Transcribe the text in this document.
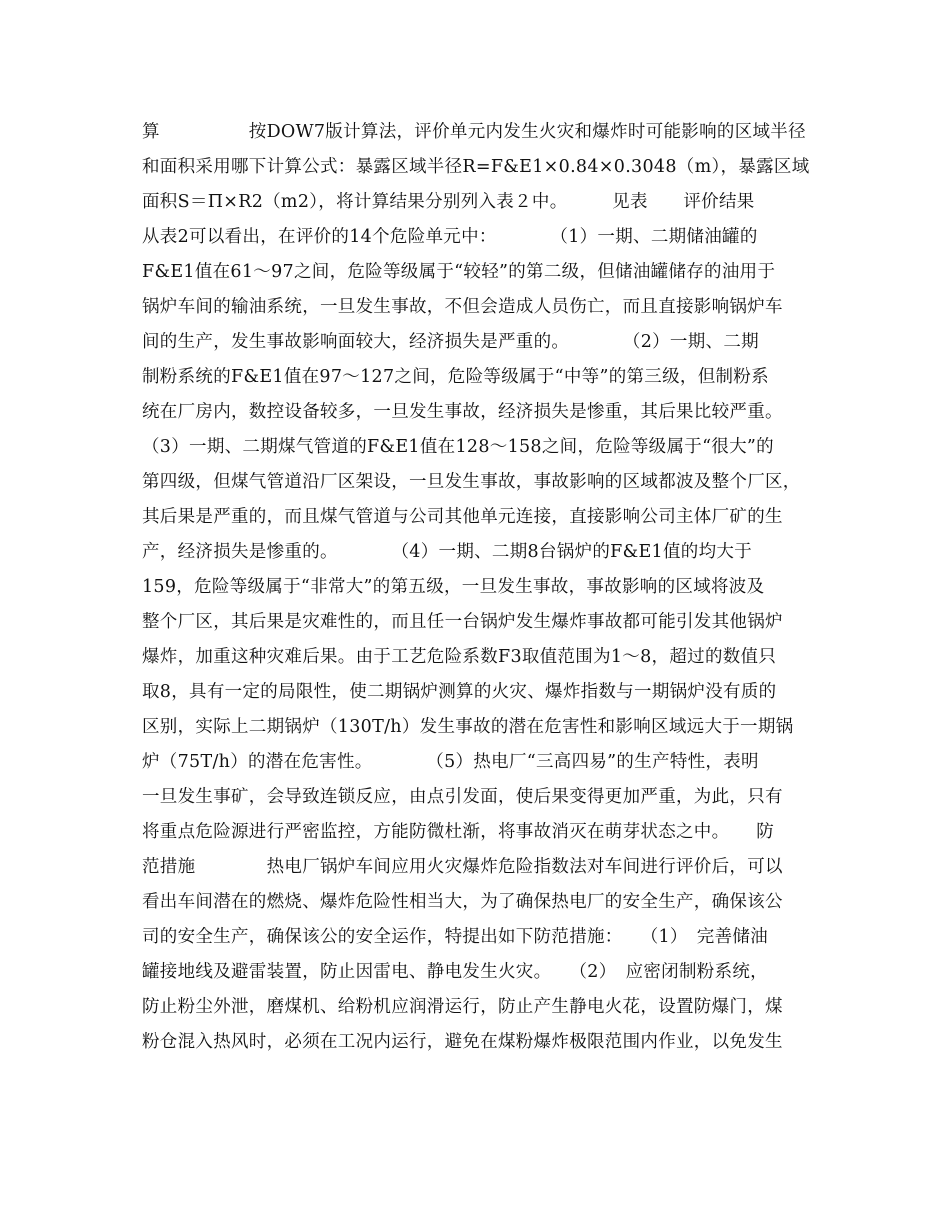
算　　　　　按DOW7版计算法，评价单元内发生火灾和爆炸时可能影响的区域半径
和面积采用哪下计算公式：暴露区域半径R=F&E1×0.84×0.3048（m），暴露区域
面积S＝Π×R2（m2），将计算结果分别列入表２中。　　　见表　　评价结果
从表2可以看出，在评价的14个危险单元中：　　　　（1）一期、二期储油罐的
F&E1值在61～97之间，危险等级属于“较轻”的第二级，但储油罐储存的油用于
锅炉车间的输油系统，一旦发生事故，不但会造成人员伤亡，而且直接影响锅炉车
间的生产，发生事故影响面较大，经济损失是严重的。　　　　（2）一期、二期
制粉系统的F&E1值在97～127之间，危险等级属于“中等”的第三级，但制粉系
统在厂房内，数控设备较多，一旦发生事故，经济损失是惨重，其后果比较严重。
（3）一期、二期煤气管道的F&E1值在128～158之间，危险等级属于“很大”的
第四级，但煤气管道沿厂区架设，一旦发生事故，事故影响的区域都波及整个厂区，
其后果是严重的，而且煤气管道与公司其他单元连接，直接影响公司主体厂矿的生
产，经济损失是惨重的。　　　　（4）一期、二期8台锅炉的F&E1值的均大于
159，危险等级属于“非常大”的第五级，一旦发生事故，事故影响的区域将波及
整个厂区，其后果是灾难性的，而且任一台锅炉发生爆炸事故都可能引发其他锅炉
爆炸，加重这种灾难后果。由于工艺危险系数F3取值范围为1～8，超过的数值只
取8，具有一定的局限性，使二期锅炉测算的火灾、爆炸指数与一期锅炉没有质的
区别，实际上二期锅炉（130T/h）发生事故的潜在危害性和影响区域远大于一期锅
炉（75T/h）的潜在危害性。　　　　（5）热电厂“三高四易”的生产特性，表明
一旦发生事矿，会导致连锁反应，由点引发面，使后果变得更加严重，为此，只有
将重点危险源进行严密监控，方能防微杜渐，将事故消灭在萌芽状态之中。　　防
范措施　　　　热电厂锅炉车间应用火灾爆炸危险指数法对车间进行评价后，可以
看出车间潜在的燃烧、爆炸危险性相当大，为了确保热电厂的安全生产，确保该公
司的安全生产，确保该公的安全运作，特提出如下防范措施：　　（1）　完善储油
罐接地线及避雷装置，防止因雷电、静电发生火灾。　　（2）　应密闭制粉系统，
防止粉尘外泄，磨煤机、给粉机应润滑运行，防止产生静电火花，设置防爆门，煤
粉仓混入热风时，必须在工况内运行，避免在煤粉爆炸极限范围内作业，以免发生
